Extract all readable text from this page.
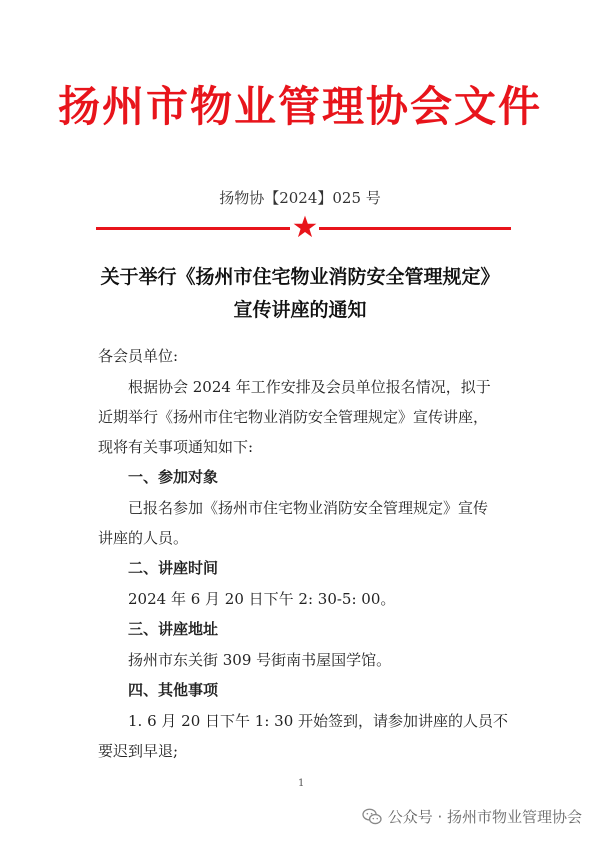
扬州市物业管理协会文件
扬物协【2024】025 号
关于举行《扬州市住宅物业消防安全管理规定》
宣传讲座的通知
各会员单位:
根据协会 2024 年工作安排及会员单位报名情况，拟于
近期举行《扬州市住宅物业消防安全管理规定》宣传讲座，
现将有关事项通知如下:
一、参加对象
已报名参加《扬州市住宅物业消防安全管理规定》宣传
讲座的人员。
二、讲座时间
2024 年 6 月 20 日下午 2: 30-5: 00。
三、讲座地址
扬州市东关街 309 号街南书屋国学馆。
四、其他事项
1. 6 月 20 日下午 1: 30 开始签到，请参加讲座的人员不
要迟到早退;
1
公众号 · 扬州市物业管理协会
